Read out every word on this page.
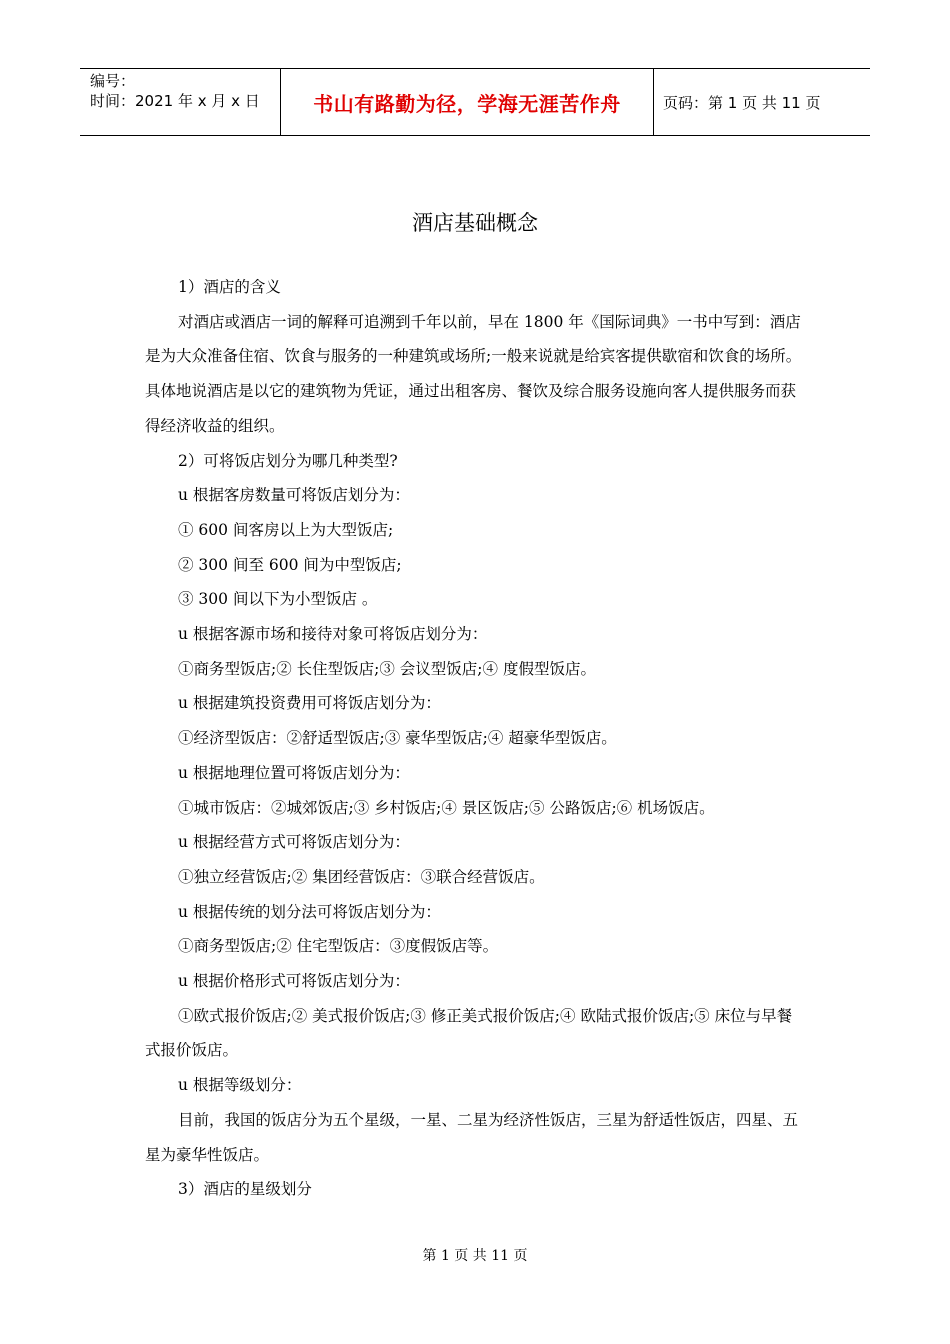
编号：
时间：2021 年 x 月 x 日	书山有路勤为径，学海无涯苦作舟	页码：第 1 页 共 11 页
酒店基础概念

1）酒店的含义

对酒店或酒店一词的解释可追溯到千年以前，早在 1800 年《国际词典》一书中写到：酒店是为大众准备住宿、饮食与服务的一种建筑或场所;一般来说就是给宾客提供歇宿和饮食的场所。具体地说酒店是以它的建筑物为凭证，通过出租客房、餐饮及综合服务设施向客人提供服务而获得经济收益的组织。

2）可将饭店划分为哪几种类型?

u 根据客房数量可将饭店划分为：

① 600 间客房以上为大型饭店;

② 300 间至 600 间为中型饭店;

③ 300 间以下为小型饭店 。

u 根据客源市场和接待对象可将饭店划分为：

①商务型饭店;② 长住型饭店;③ 会议型饭店;④ 度假型饭店。

u 根据建筑投资费用可将饭店划分为：

①经济型饭店：②舒适型饭店;③ 豪华型饭店;④ 超豪华型饭店。

u 根据地理位置可将饭店划分为：

①城市饭店：②城郊饭店;③ 乡村饭店;④ 景区饭店;⑤ 公路饭店;⑥ 机场饭店。

u 根据经营方式可将饭店划分为：

①独立经营饭店;② 集团经营饭店：③联合经营饭店。

u 根据传统的划分法可将饭店划分为：

①商务型饭店;② 住宅型饭店：③度假饭店等。

u 根据价格形式可将饭店划分为：

①欧式报价饭店;② 美式报价饭店;③ 修正美式报价饭店;④ 欧陆式报价饭店;⑤ 床位与早餐式报价饭店。

u 根据等级划分：

目前，我国的饭店分为五个星级，一星、二星为经济性饭店，三星为舒适性饭店，四星、五星为豪华性饭店。

3）酒店的星级划分

第 1 页 共 11 页
